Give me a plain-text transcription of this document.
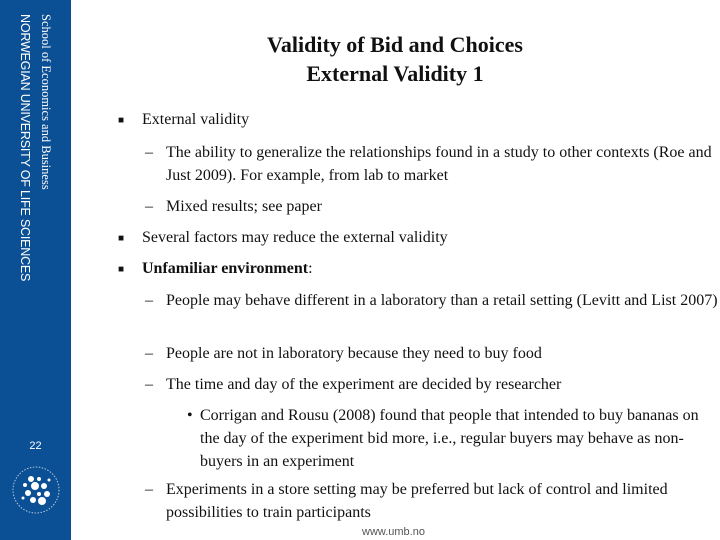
School of Economics and Business
NORWEGIAN UNIVERSITY OF LIFE SCIENCES
22
Validity of Bid and Choices
External Validity 1
■ External validity
– The ability to generalize the relationships found in a study to other contexts (Roe and Just 2009). For example, from lab to market
– Mixed results; see paper
■ Several factors may reduce the external validity
■ Unfamiliar environment:
– People may behave different in a laboratory than a retail setting (Levitt and List 2007)
– People are not in laboratory because they need to buy food
– The time and day of the experiment are decided by researcher
• Corrigan and Rousu (2008) found that people that intended to buy bananas on the day of the experiment bid more, i.e., regular buyers may behave as non-buyers in an experiment
– Experiments in a store setting may be preferred but lack of control and limited possibilities to train participants
www.umb.no
